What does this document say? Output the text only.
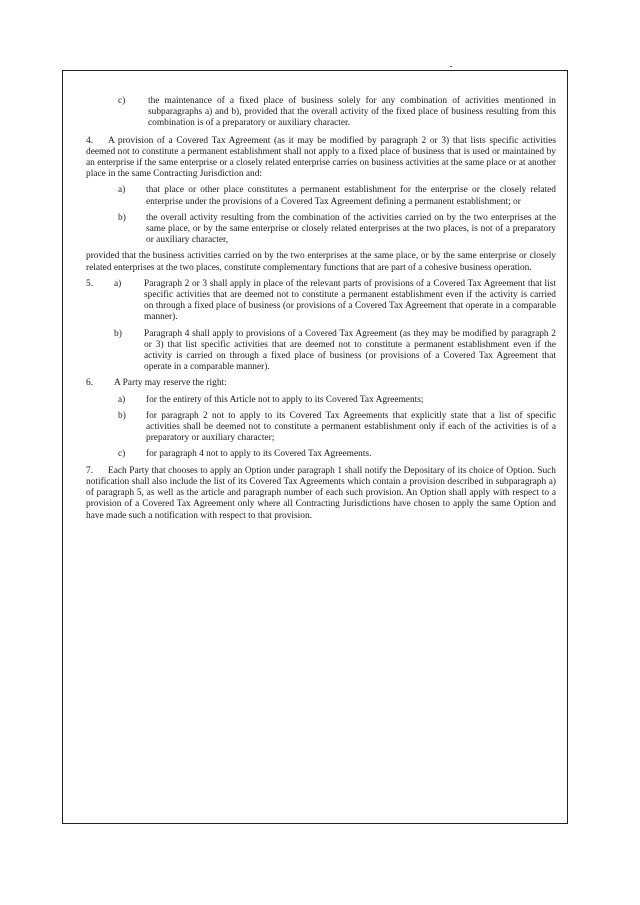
c)	the maintenance of a fixed place of business solely for any combination of activities mentioned in subparagraphs a) and b), provided that the overall activity of the fixed place of business resulting from this combination is of a preparatory or auxiliary character.
4. A provision of a Covered Tax Agreement (as it may be modified by paragraph 2 or 3) that lists specific activities deemed not to constitute a permanent establishment shall not apply to a fixed place of business that is used or maintained by an enterprise if the same enterprise or a closely related enterprise carries on business activities at the same place or at another place in the same Contracting Jurisdiction and:
a)	that place or other place constitutes a permanent establishment for the enterprise or the closely related enterprise under the provisions of a Covered Tax Agreement defining a permanent establishment; or
b)	the overall activity resulting from the combination of the activities carried on by the two enterprises at the same place, or by the same enterprise or closely related enterprises at the two places, is not of a preparatory or auxiliary character,
provided that the business activities carried on by the two enterprises at the same place, or by the same enterprise or closely related enterprises at the two places, constitute complementary functions that are part of a cohesive business operation.
5.	a)	Paragraph 2 or 3 shall apply in place of the relevant parts of provisions of a Covered Tax Agreement that list specific activities that are deemed not to constitute a permanent establishment even if the activity is carried on through a fixed place of business (or provisions of a Covered Tax Agreement that operate in a comparable manner).
b)	Paragraph 4 shall apply to provisions of a Covered Tax Agreement (as they may be modified by paragraph 2 or 3) that list specific activities that are deemed not to constitute a permanent establishment even if the activity is carried on through a fixed place of business (or provisions of a Covered Tax Agreement that operate in a comparable manner).
6.	A Party may reserve the right:
a)	for the entirety of this Article not to apply to its Covered Tax Agreements;
b)	for paragraph 2 not to apply to its Covered Tax Agreements that explicitly state that a list of specific activities shall be deemed not to constitute a permanent establishment only if each of the activities is of a preparatory or auxiliary character;
c)	for paragraph 4 not to apply to its Covered Tax Agreements.
7. Each Party that chooses to apply an Option under paragraph 1 shall notify the Depositary of its choice of Option. Such notification shall also include the list of its Covered Tax Agreements which contain a provision described in subparagraph a) of paragraph 5, as well as the article and paragraph number of each such provision. An Option shall apply with respect to a provision of a Covered Tax Agreement only where all Contracting Jurisdictions have chosen to apply the same Option and have made such a notification with respect to that provision.
